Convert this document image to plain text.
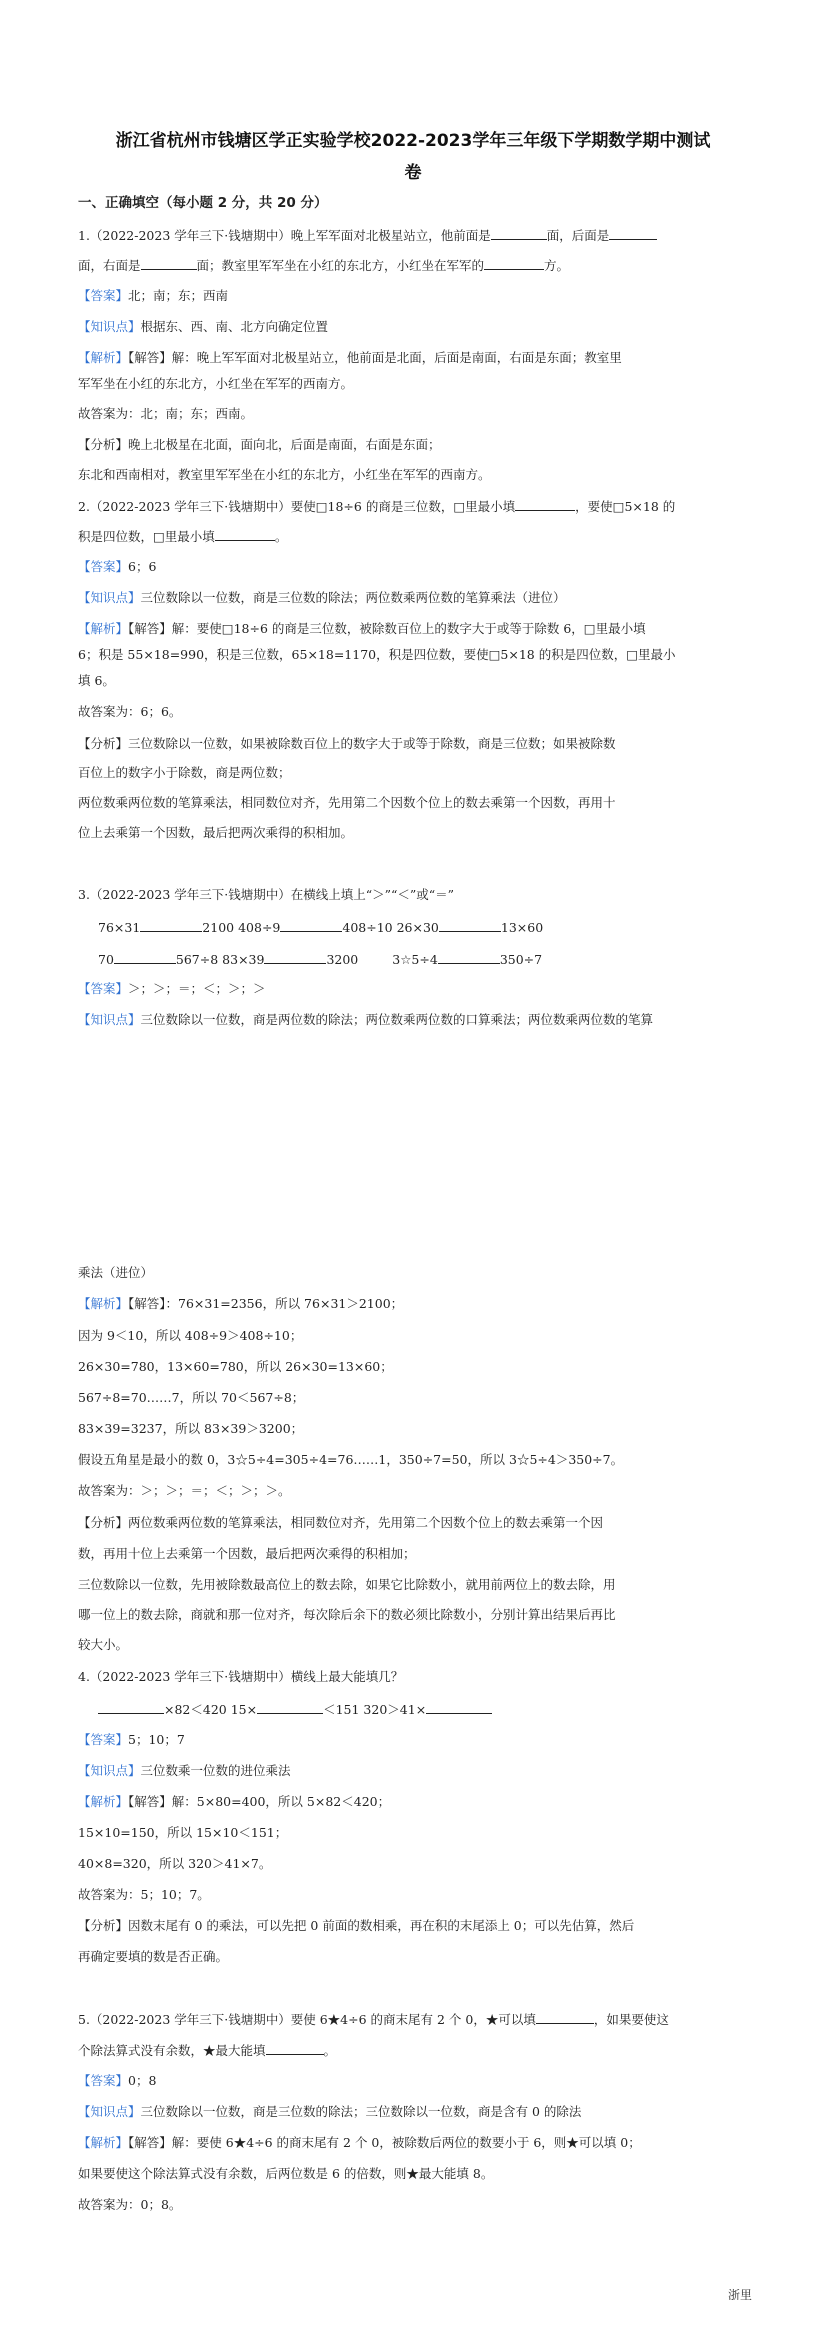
浙江省杭州市钱塘区学正实验学校2022-2023学年三年级下学期数学期中测试
卷
一、正确填空（每小题 2 分，共 20 分）
1.（2022-2023 学年三下·钱塘期中）晚上军军面对北极星站立，他前面是	面，后面是
面，右面是	面；教室里军军坐在小红的东北方，小红坐在军军的	方。
【答案】北；南；东；西南
【知识点】根据东、西、南、北方向确定位置
【解析】【解答】解：晚上军军面对北极星站立，他前面是北面，后面是南面，右面是东面；教室里
军军坐在小红的东北方，小红坐在军军的西南方。
故答案为：北；南；东；西南。
【分析】晚上北极星在北面，面向北，后面是南面，右面是东面；
东北和西南相对，教室里军军坐在小红的东北方，小红坐在军军的西南方。
2.（2022-2023 学年三下·钱塘期中）要使□18÷6 的商是三位数，□里最小填	，要使□5×18 的
积是四位数，□里最小填	。
【答案】6；6
【知识点】三位数除以一位数，商是三位数的除法；两位数乘两位数的笔算乘法（进位）
【解析】【解答】解：要使□18÷6 的商是三位数，被除数百位上的数字大于或等于除数 6，□里最小填
6；积是 55×18=990，积是三位数，65×18=1170，积是四位数，要使□5×18 的积是四位数，□里最小
填 6。
故答案为：6；6。
【分析】三位数除以一位数，如果被除数百位上的数字大于或等于除数，商是三位数；如果被除数
百位上的数字小于除数，商是两位数；
两位数乘两位数的笔算乘法，相同数位对齐，先用第二个因数个位上的数去乘第一个因数，再用十
位上去乘第一个因数，最后把两次乘得的积相加。
3.（2022-2023 学年三下·钱塘期中）在横线上填上“＞”“＜”或“＝”
76×31	2100 408÷9	408÷10 26×30	13×60
70	567÷8 83×39	3200	3☆5÷4	350÷7
【答案】＞；＞；＝；＜；＞；＞
【知识点】三位数除以一位数，商是两位数的除法；两位数乘两位数的口算乘法；两位数乘两位数的笔算
乘法（进位）
【解析】【解答】：76×31=2356，所以 76×31＞2100；
因为 9＜10，所以 408÷9＞408÷10；
26×30=780，13×60=780，所以 26×30=13×60；
567÷8=70……7，所以 70＜567÷8；
83×39=3237，所以 83×39＞3200；
假设五角星是最小的数 0，3☆5÷4=305÷4=76……1，350÷7=50，所以 3☆5÷4＞350÷7。
故答案为：＞；＞；＝；＜；＞；＞。
【分析】两位数乘两位数的笔算乘法，相同数位对齐，先用第二个因数个位上的数去乘第一个因
数，再用十位上去乘第一个因数，最后把两次乘得的积相加；
三位数除以一位数，先用被除数最高位上的数去除，如果它比除数小，就用前两位上的数去除，用
哪一位上的数去除，商就和那一位对齐，每次除后余下的数必须比除数小，分别计算出结果后再比
较大小。
4.（2022-2023 学年三下·钱塘期中）横线上最大能填几？
×82＜420 15×	＜151 320＞41×
【答案】5；10；7
【知识点】三位数乘一位数的进位乘法
【解析】【解答】解：5×80=400，所以 5×82＜420；
15×10=150，所以 15×10＜151；
40×8=320，所以 320＞41×7。
故答案为：5；10；7。
【分析】因数末尾有 0 的乘法，可以先把 0 前面的数相乘，再在积的末尾添上 0；可以先估算，然后
再确定要填的数是否正确。
5.（2022-2023 学年三下·钱塘期中）要使 6★4÷6 的商末尾有 2 个 0，★可以填	，如果要使这
个除法算式没有余数，★最大能填	。
【答案】0；8
【知识点】三位数除以一位数，商是三位数的除法；三位数除以一位数，商是含有 0 的除法
【解析】【解答】解：要使 6★4÷6 的商末尾有 2 个 0，被除数后两位的数要小于 6，则★可以填 0；
如果要使这个除法算式没有余数，后两位数是 6 的倍数，则★最大能填 8。
故答案为：0；8。
浙里
